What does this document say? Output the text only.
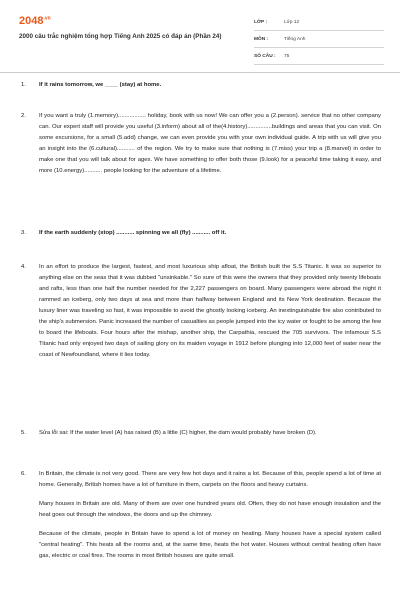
$2048^{.vn}$
2000 câu trắc nghiệm tổng hợp Tiếng Anh 2025 có đáp án (Phần 24)
LỚP :	Lớp 12
MÔN :	Tiếng Anh
SỐ CÂU :	75
1.	If it rains tomorrow, we ____ (stay) at home.

2.	If you want a truly (1.memory)................. holiday, book with us now! We can offer you a (2.person). service that no other company can. Our expert staff will provide you useful (3.inform) about all of the(4.history)...............buildings and areas that you can visit. On some excursions, for a small (5.add) change, we can even provide you with your own individual guide. A trip with us will give you an insight into the (6.cultural)........... of the region. We try to make sure that nothing is (7.miss) your trip a (8.marvel) in order to make one that you will talk about for ages. We have something to offer both those (9.look) for a peaceful time taking it easy, and more (10.energy)........... people looking for the adventure of a lifetime.

3.	If the earth suddenly (stop) ........... spinning we all (fly) ........... off it.

4.	In an effort to produce the largest, fastest, and most luxurious ship afloat, the British built the S.S Titanic. It was so superior to anything else on the seas that it was dubbed "unsinkable." So sure of this were the owners that they provided only twenty lifeboats and rafts, less than one half the number needed for the 2,227 passengers on board. Many passengers were abroad the night it rammed an iceberg, only two days at sea and more than halfway between England and its New York destination. Because the luxury liner was traveling so fast, it was impossible to avoid the ghostly looking iceberg. An inextinguishable fire also contributed to the ship's submersion. Panic increased the number of casualties as people jumped into the icy water or fought to be among the few to board the lifeboats. Four hours after the mishap, another ship, the Carpathia, rescued the 705 survivors. The infamous S.S Titanic had only enjoyed two days of sailing glory on its maiden voyage in 1912 before plunging into 12,000 feet of water near the coast of Newfoundland, where it lies today.

5.	Sửa lỗi sai: If the water level (A) has raised (B) a little (C) higher, the dam would probably have broken (D).

6.	In Britain, the climate is not very good. There are very few hot days and it rains a lot. Because of this, people spend a lot of time at home. Generally, British homes have a lot of furniture in them, carpets on the floors and heavy curtains.

Many houses in Britain are old. Many of them are over one hundred years old. Often, they do not have enough insulation and the heat goes out through the windows, the doors and up the chimney.

Because of the climate, people in Britain have to spend a lot of money on heating. Many houses have a special system called "central heating". This heats all the rooms and, at the same time, heats the hot water. Houses without central heating often have gas, electric or coal fires. The rooms in most British houses are quite small.
